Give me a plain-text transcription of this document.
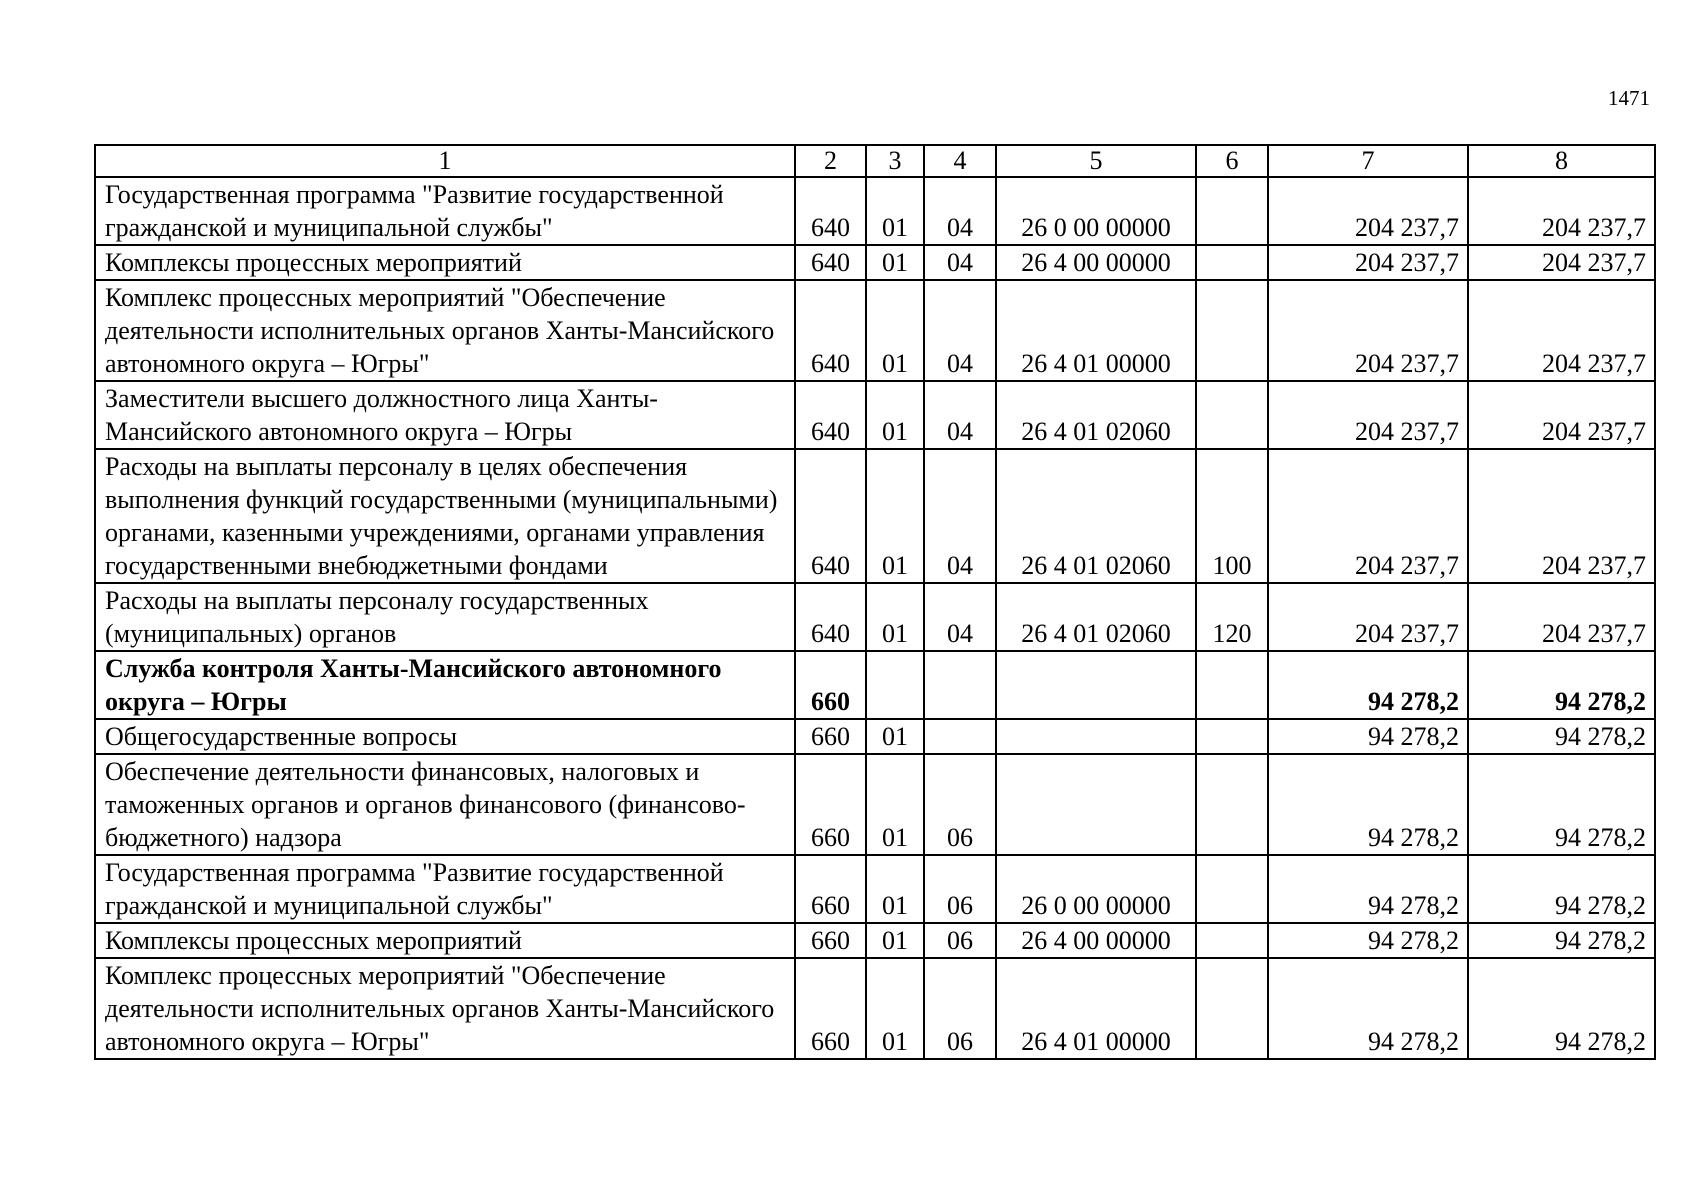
1471
1	2	3	4	5	6	7	8
Государственная программа "Развитие государственной гражданской и муниципальной службы"	640	01	04	26 0 00 00000		204 237,7	204 237,7
Комплексы процессных мероприятий	640	01	04	26 4 00 00000		204 237,7	204 237,7
Комплекс процессных мероприятий "Обеспечение деятельности исполнительных органов Ханты-Мансийского автономного округа – Югры"	640	01	04	26 4 01 00000		204 237,7	204 237,7
Заместители высшего должностного лица Ханты-Мансийского автономного округа – Югры	640	01	04	26 4 01 02060		204 237,7	204 237,7
Расходы на выплаты персоналу в целях обеспечения выполнения функций государственными (муниципальными) органами, казенными учреждениями, органами управления государственными внебюджетными фондами	640	01	04	26 4 01 02060	100	204 237,7	204 237,7
Расходы на выплаты персоналу государственных (муниципальных) органов	640	01	04	26 4 01 02060	120	204 237,7	204 237,7
Служба контроля Ханты-Мансийского автономного округа – Югры	660					94 278,2	94 278,2
Общегосударственные вопросы	660	01				94 278,2	94 278,2
Обеспечение деятельности финансовых, налоговых и таможенных органов и органов финансового (финансово-бюджетного) надзора	660	01	06			94 278,2	94 278,2
Государственная программа "Развитие государственной гражданской и муниципальной службы"	660	01	06	26 0 00 00000		94 278,2	94 278,2
Комплексы процессных мероприятий	660	01	06	26 4 00 00000		94 278,2	94 278,2
Комплекс процессных мероприятий "Обеспечение деятельности исполнительных органов Ханты-Мансийского автономного округа – Югры"	660	01	06	26 4 01 00000		94 278,2	94 278,2
